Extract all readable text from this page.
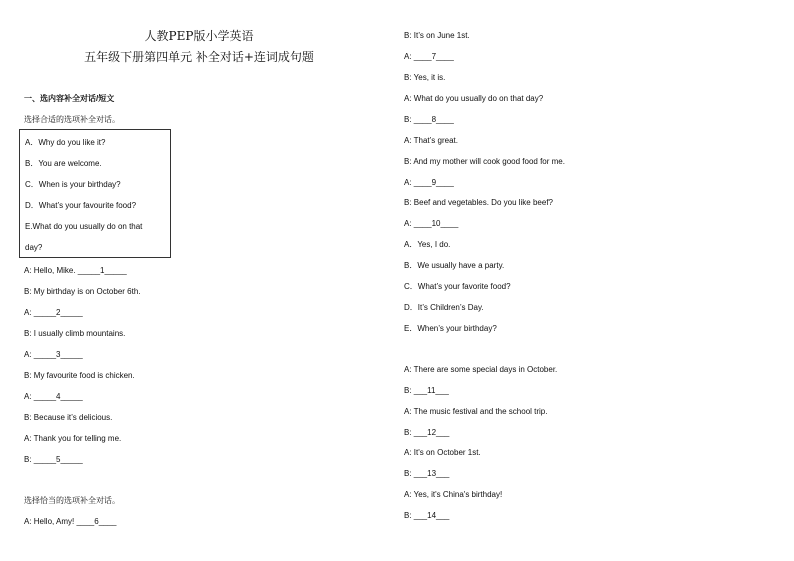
人教PEP版小学英语
五年级下册第四单元 补全对话+连词成句题
一、选内容补全对话/短文
选择合适的选项补全对话。
A．Why do you like it?
B．You are welcome.
C．When is your birthday?
D．What’s your favourite food?
E.What do you usually do on that
day?
A: Hello, Mike. _____1_____
B: My birthday is on October 6th.
A: _____2_____
B: I usually climb mountains.
A: _____3_____
B: My favourite food is chicken.
A: _____4_____
B: Because it’s delicious.
A: Thank you for telling me.
B: _____5_____
选择恰当的选项补全对话。
A: Hello, Amy! ____6____
B: It’s on June 1st.
A: ____7____
B: Yes, it is.
A: What do you usually do on that day?
B: ____8____
A: That’s great.
B: And my mother will cook good food for me.
A: ____9____
B: Beef and vegetables. Do you like beef?
A: ____10____
A．Yes, I do.
B．We usually have a party.
C．What’s your favorite food?
D．It’s Children’s Day.
E．When’s your birthday?
A: There are some special days in October.
B: ___11___
A: The music festival and the school trip.
B: ___12___
A: It's on October 1st.
B: ___13___
A: Yes, it's China's birthday!
B: ___14___
